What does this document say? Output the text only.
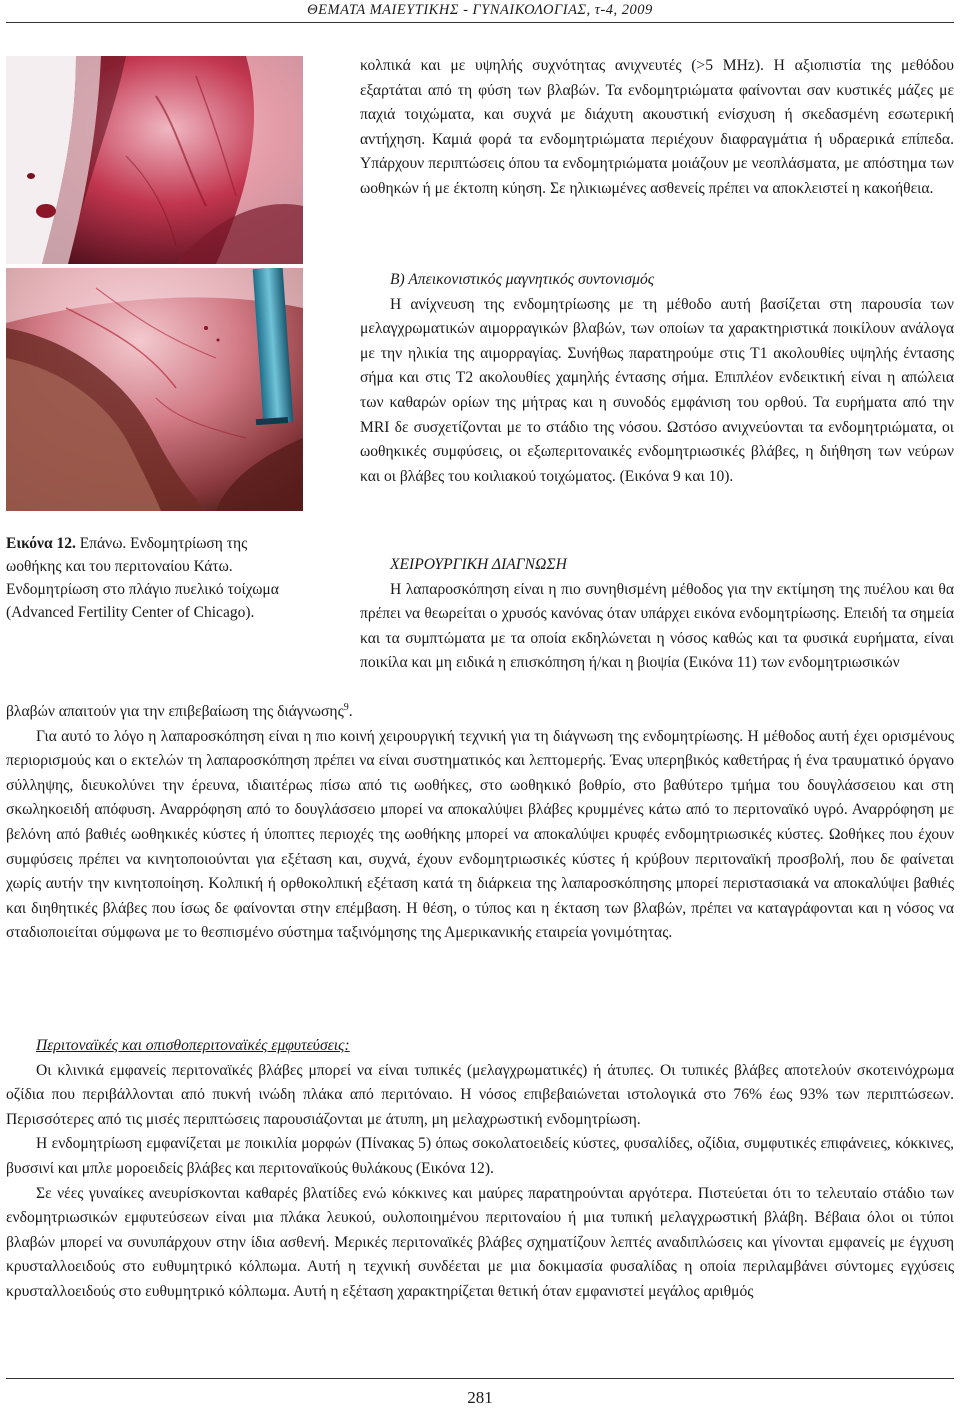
ΘΕΜΑΤΑ ΜΑΙΕΥΤΙΚΗΣ - ΓΥΝΑΙΚΟΛΟΓΙΑΣ, τ-4, 2009
Εικόνα 12. Επάνω. Ενδομητρίωση της ωοθήκης και του περιτοναίου Κάτω. Ενδομητρίωση στο πλάγιο πυελικό τοίχωμα (Advanced Fertility Center of Chicago).

κολπικά και με υψηλής συχνότητας ανιχνευτές (>5 MHz). Η αξιοπιστία της μεθόδου εξαρτάται από τη φύση των βλαβών. Τα ενδομητριώματα φαίνονται σαν κυστικές μάζες με παχιά τοιχώματα, και συχνά με διάχυτη ακουστική ενίσχυση ή σκεδασμένη εσωτερική αντήχηση. Καμιά φορά τα ενδομητριώματα περιέχουν διαφραγμάτια ή υδραερικά επίπεδα. Υπάρχουν περιπτώσεις όπου τα ενδομητριώματα μοιάζουν με νεοπλάσματα, με απόστημα των ωοθηκών ή με έκτοπη κύηση. Σε ηλικιωμένες ασθενείς πρέπει να αποκλειστεί η κακοήθεια.

Β) Απεικονιστικός μαγνητικός συντονισμός

Η ανίχνευση της ενδομητρίωσης με τη μέθοδο αυτή βασίζεται στη παρουσία των μελαγχρωματικών αιμορραγικών βλαβών, των οποίων τα χαρακτηριστικά ποικίλουν ανάλογα με την ηλικία της αιμορραγίας. Συνήθως παρατηρούμε στις Τ1 ακολουθίες υψηλής έντασης σήμα και στις Τ2 ακολουθίες χαμηλής έντασης σήμα. Επιπλέον ενδεικτική είναι η απώλεια των καθαρών ορίων της μήτρας και η συνοδός εμφάνιση του ορθού. Τα ευρήματα από την MRI δε συσχετίζονται με το στάδιο της νόσου. Ωστόσο ανιχνεύονται τα ενδομητριώματα, οι ωοθηκικές συμφύσεις, οι εξωπεριτοναικές ενδομητριωσικές βλάβες, η διήθηση των νεύρων και οι βλάβες του κοιλιακού τοιχώματος. (Εικόνα 9 και 10).

ΧΕΙΡΟΥΡΓΙΚΗ ΔΙΑΓΝΩΣΗ

Η λαπαροσκόπηση είναι η πιο συνηθισμένη μέθοδος για την εκτίμηση της πυέλου και θα πρέπει να θεωρείται ο χρυσός κανόνας όταν υπάρχει εικόνα ενδομητρίωσης. Επειδή τα σημεία και τα συμπτώματα με τα οποία εκδηλώνεται η νόσος καθώς και τα φυσικά ευρήματα, είναι ποικίλα και μη ειδικά η επισκόπηση ή/και η βιοψία (Εικόνα 11) των ενδομητριωσικών

βλαβών απαιτούν για την επιβεβαίωση της διάγνωσης$^9$.

Για αυτό το λόγο η λαπαροσκόπηση είναι η πιο κοινή χειρουργική τεχνική για τη διάγνωση της ενδομητρίωσης. Η μέθοδος αυτή έχει ορισμένους περιορισμούς και ο εκτελών τη λαπαροσκόπηση πρέπει να είναι συστηματικός και λεπτομερής. Ένας υπερηβικός καθετήρας ή ένα τραυματικό όργανο σύλληψης, διευκολύνει την έρευνα, ιδιαιτέρως πίσω από τις ωοθήκες, στο ωοθηκικό βοθρίο, στο βαθύτερο τμήμα του δουγλάσσειου και στη σκωληκοειδή απόφυση. Αναρρόφηση από το δουγλάσσειο μπορεί να αποκαλύψει βλάβες κρυμμένες κάτω από το περιτοναϊκό υγρό. Αναρρόφηση με βελόνη από βαθιές ωοθηκικές κύστες ή ύποπτες περιοχές της ωοθήκης μπορεί να αποκαλύψει κρυφές ενδομητριωσικές κύστες. Ωοθήκες που έχουν συμφύσεις πρέπει να κινητοποιούνται για εξέταση και, συχνά, έχουν ενδομητριωσικές κύστες ή κρύβουν περιτοναϊκή προσβολή, που δε φαίνεται χωρίς αυτήν την κινητοποίηση. Κολπική ή ορθοκολπική εξέταση κατά τη διάρκεια της λαπαροσκόπησης μπορεί περιστασιακά να αποκαλύψει βαθιές και διηθητικές βλάβες που ίσως δε φαίνονται στην επέμβαση. Η θέση, ο τύπος και η έκταση των βλαβών, πρέπει να καταγράφονται και η νόσος να σταδιοποιείται σύμφωνα με το θεσπισμένο σύστημα ταξινόμησης της Αμερικανικής εταιρεία γονιμότητας.

Περιτοναϊκές και οπισθοπεριτοναϊκές εμφυτεύσεις:

Οι κλινικά εμφανείς περιτοναϊκές βλάβες μπορεί να είναι τυπικές (μελαγχρωματικές) ή άτυπες. Οι τυπικές βλάβες αποτελούν σκοτεινόχρωμα οζίδια που περιβάλλονται από πυκνή ινώδη πλάκα από περιτόναιο. Η νόσος επιβεβαιώνεται ιστολογικά στο 76% έως 93% των περιπτώσεων. Περισσότερες από τις μισές περιπτώσεις παρουσιάζονται με άτυπη, μη μελαχρωστική ενδομητρίωση.

Η ενδομητρίωση εμφανίζεται με ποικιλία μορφών (Πίνακας 5) όπως σοκολατοειδείς κύστες, φυσαλίδες, οζίδια, συμφυτικές επιφάνειες, κόκκινες, βυσσινί και μπλε μοροειδείς βλάβες και περιτοναϊκούς θυλάκους (Εικόνα 12).

Σε νέες γυναίκες ανευρίσκονται καθαρές βλατίδες ενώ κόκκινες και μαύρες παρατηρούνται αργότερα. Πιστεύεται ότι το τελευταίο στάδιο των ενδομητριωσικών εμφυτεύσεων είναι μια πλάκα λευκού, ουλοποιημένου περιτοναίου ή μια τυπική μελαγχρωστική βλάβη. Βέβαια όλοι οι τύποι βλαβών μπορεί να συνυπάρχουν στην ίδια ασθενή. Μερικές περιτοναϊκές βλάβες σχηματίζουν λεπτές αναδιπλώσεις και γίνονται εμφανείς με έγχυση κρυσταλλοειδούς στο ευθυμητρικό κόλπωμα. Αυτή η τεχνική συνδέεται με μια δοκιμασία φυσαλίδας η οποία περιλαμβάνει σύντομες εγχύσεις κρυσταλλοειδούς στο ευθυμητρικό κόλπωμα. Αυτή η εξέταση χαρακτηρίζεται θετική όταν εμφανιστεί μεγάλος αριθμός

281
